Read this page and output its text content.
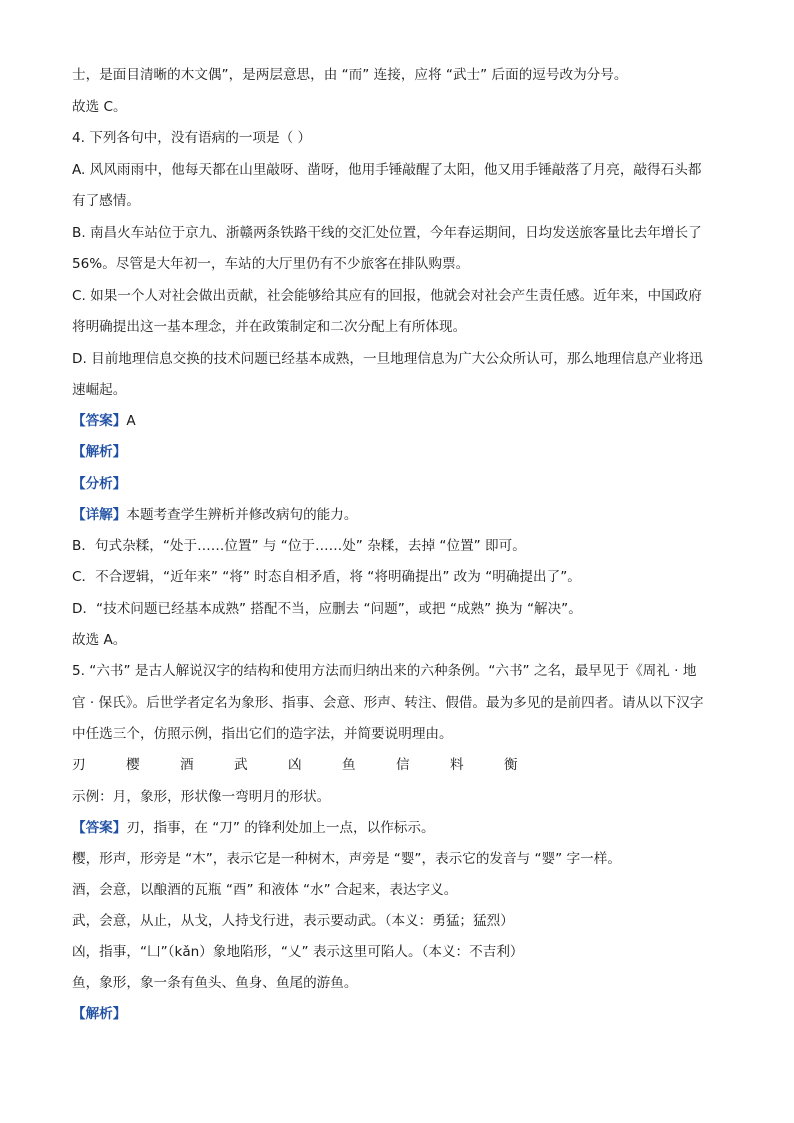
士，是面目清晰的木文偶”，是两层意思，由 “而” 连接，应将 “武士” 后面的逗号改为分号。
故选 C。
4. 下列各句中，没有语病的一项是（ ）
A. 风风雨雨中，他每天都在山里敲呀、凿呀，他用手锤敲醒了太阳，他又用手锤敲落了月亮，敲得石头都
有了感情。
B. 南昌火车站位于京九、浙赣两条铁路干线的交汇处位置，今年春运期间，日均发送旅客量比去年增长了
56%。尽管是大年初一，车站的大厅里仍有不少旅客在排队购票。
C. 如果一个人对社会做出贡献，社会能够给其应有的回报，他就会对社会产生责任感。近年来，中国政府
将明确提出这一基本理念，并在政策制定和二次分配上有所体现。
D. 目前地理信息交换的技术问题已经基本成熟，一旦地理信息为广大公众所认可，那么地理信息产业将迅
速崛起。
【答案】A
【解析】
【分析】
【详解】本题考查学生辨析并修改病句的能力。
B．句式杂糅，“处于……位置” 与 “位于……处” 杂糅，去掉 “位置” 即可。
C．不合逻辑，“近年来” “将” 时态自相矛盾，将 “将明确提出” 改为 “明确提出了”。
D．“技术问题已经基本成熟” 搭配不当，应删去 “问题”，或把 “成熟” 换为 “解决”。
故选 A。
5. “六书” 是古人解说汉字的结构和使用方法而归纳出来的六种条例。“六书” 之名，最早见于《周礼 · 地
官 · 保氏》。后世学者定名为象形、指事、会意、形声、转注、假借。最为多见的是前四者。请从以下汉字
中任选三个，仿照示例，指出它们的造字法，并简要说明理由。
刃	樱	酒	武	凶	鱼	信	料	衡
示例：月，象形，形状像一弯明月的形状。
【答案】刃，指事，在 “刀” 的锋利处加上一点，以作标示。
樱，形声，形旁是 “木”，表示它是一种树木，声旁是 “婴”，表示它的发音与 “婴” 字一样。
酒，会意，以酿酒的瓦瓶 “酉” 和液体 “水” 合起来，表达字义。
武，会意，从止，从戈，人持戈行进，表示要动武。（本义：勇猛；猛烈）
凶，指事，“凵”（kǎn）象地陷形，“乂” 表示这里可陷人。（本义：不吉利）
鱼，象形，象一条有鱼头、鱼身、鱼尾的游鱼。
【解析】
